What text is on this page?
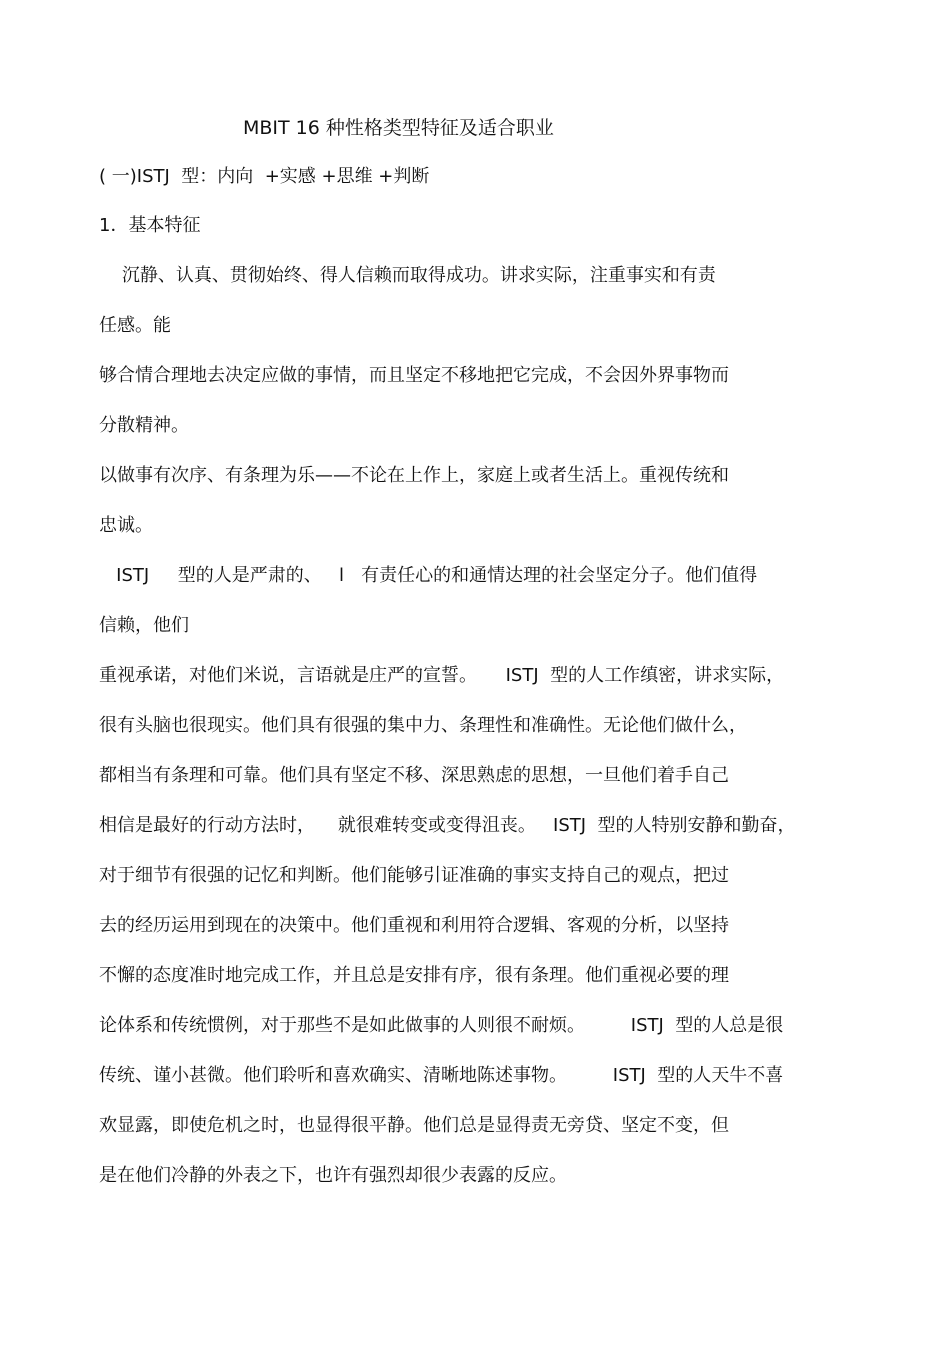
MBIT 16 种性格类型特征及适合职业
( 一)ISTJ  型：内向  +实感 +思维 +判断
1．基本特征
沉静、认真、贯彻始终、得人信赖而取得成功。讲求实际，注重事实和有责
任感。能
够合情合理地去决定应做的事情，而且坚定不移地把它完成，不会因外界事物而
分散精神。
以做事有次序、有条理为乐——不论在上作上，家庭上或者生活上。重视传统和
忠诚。
ISTJ     型的人是严肃的、   l   有责任心的和通情达理的社会坚定分子。他们值得
信赖，他们
重视承诺，对他们米说，言语就是庄严的宣誓。     ISTJ  型的人工作缜密，讲求实际，
很有头脑也很现实。他们具有很强的集中力、条理性和准确性。无论他们做什么，
都相当有条理和可靠。他们具有坚定不移、深思熟虑的思想，一旦他们着手自己
相信是最好的行动方法时，    就很难转变或变得沮丧。   ISTJ  型的人特别安静和勤奋，
对于细节有很强的记忆和判断。他们能够引证准确的事实支持自己的观点，把过
去的经历运用到现在的决策中。他们重视和利用符合逻辑、客观的分析，以坚持
不懈的态度准时地完成工作，并且总是安排有序，很有条理。他们重视必要的理
论体系和传统惯例，对于那些不是如此做事的人则很不耐烦。        ISTJ  型的人总是很
传统、谨小甚微。他们聆听和喜欢确实、清晰地陈述事物。        ISTJ  型的人天牛不喜
欢显露，即使危机之时，也显得很平静。他们总是显得责无旁贷、坚定不变，但
是在他们冷静的外表之下，也许有强烈却很少表露的反应。
